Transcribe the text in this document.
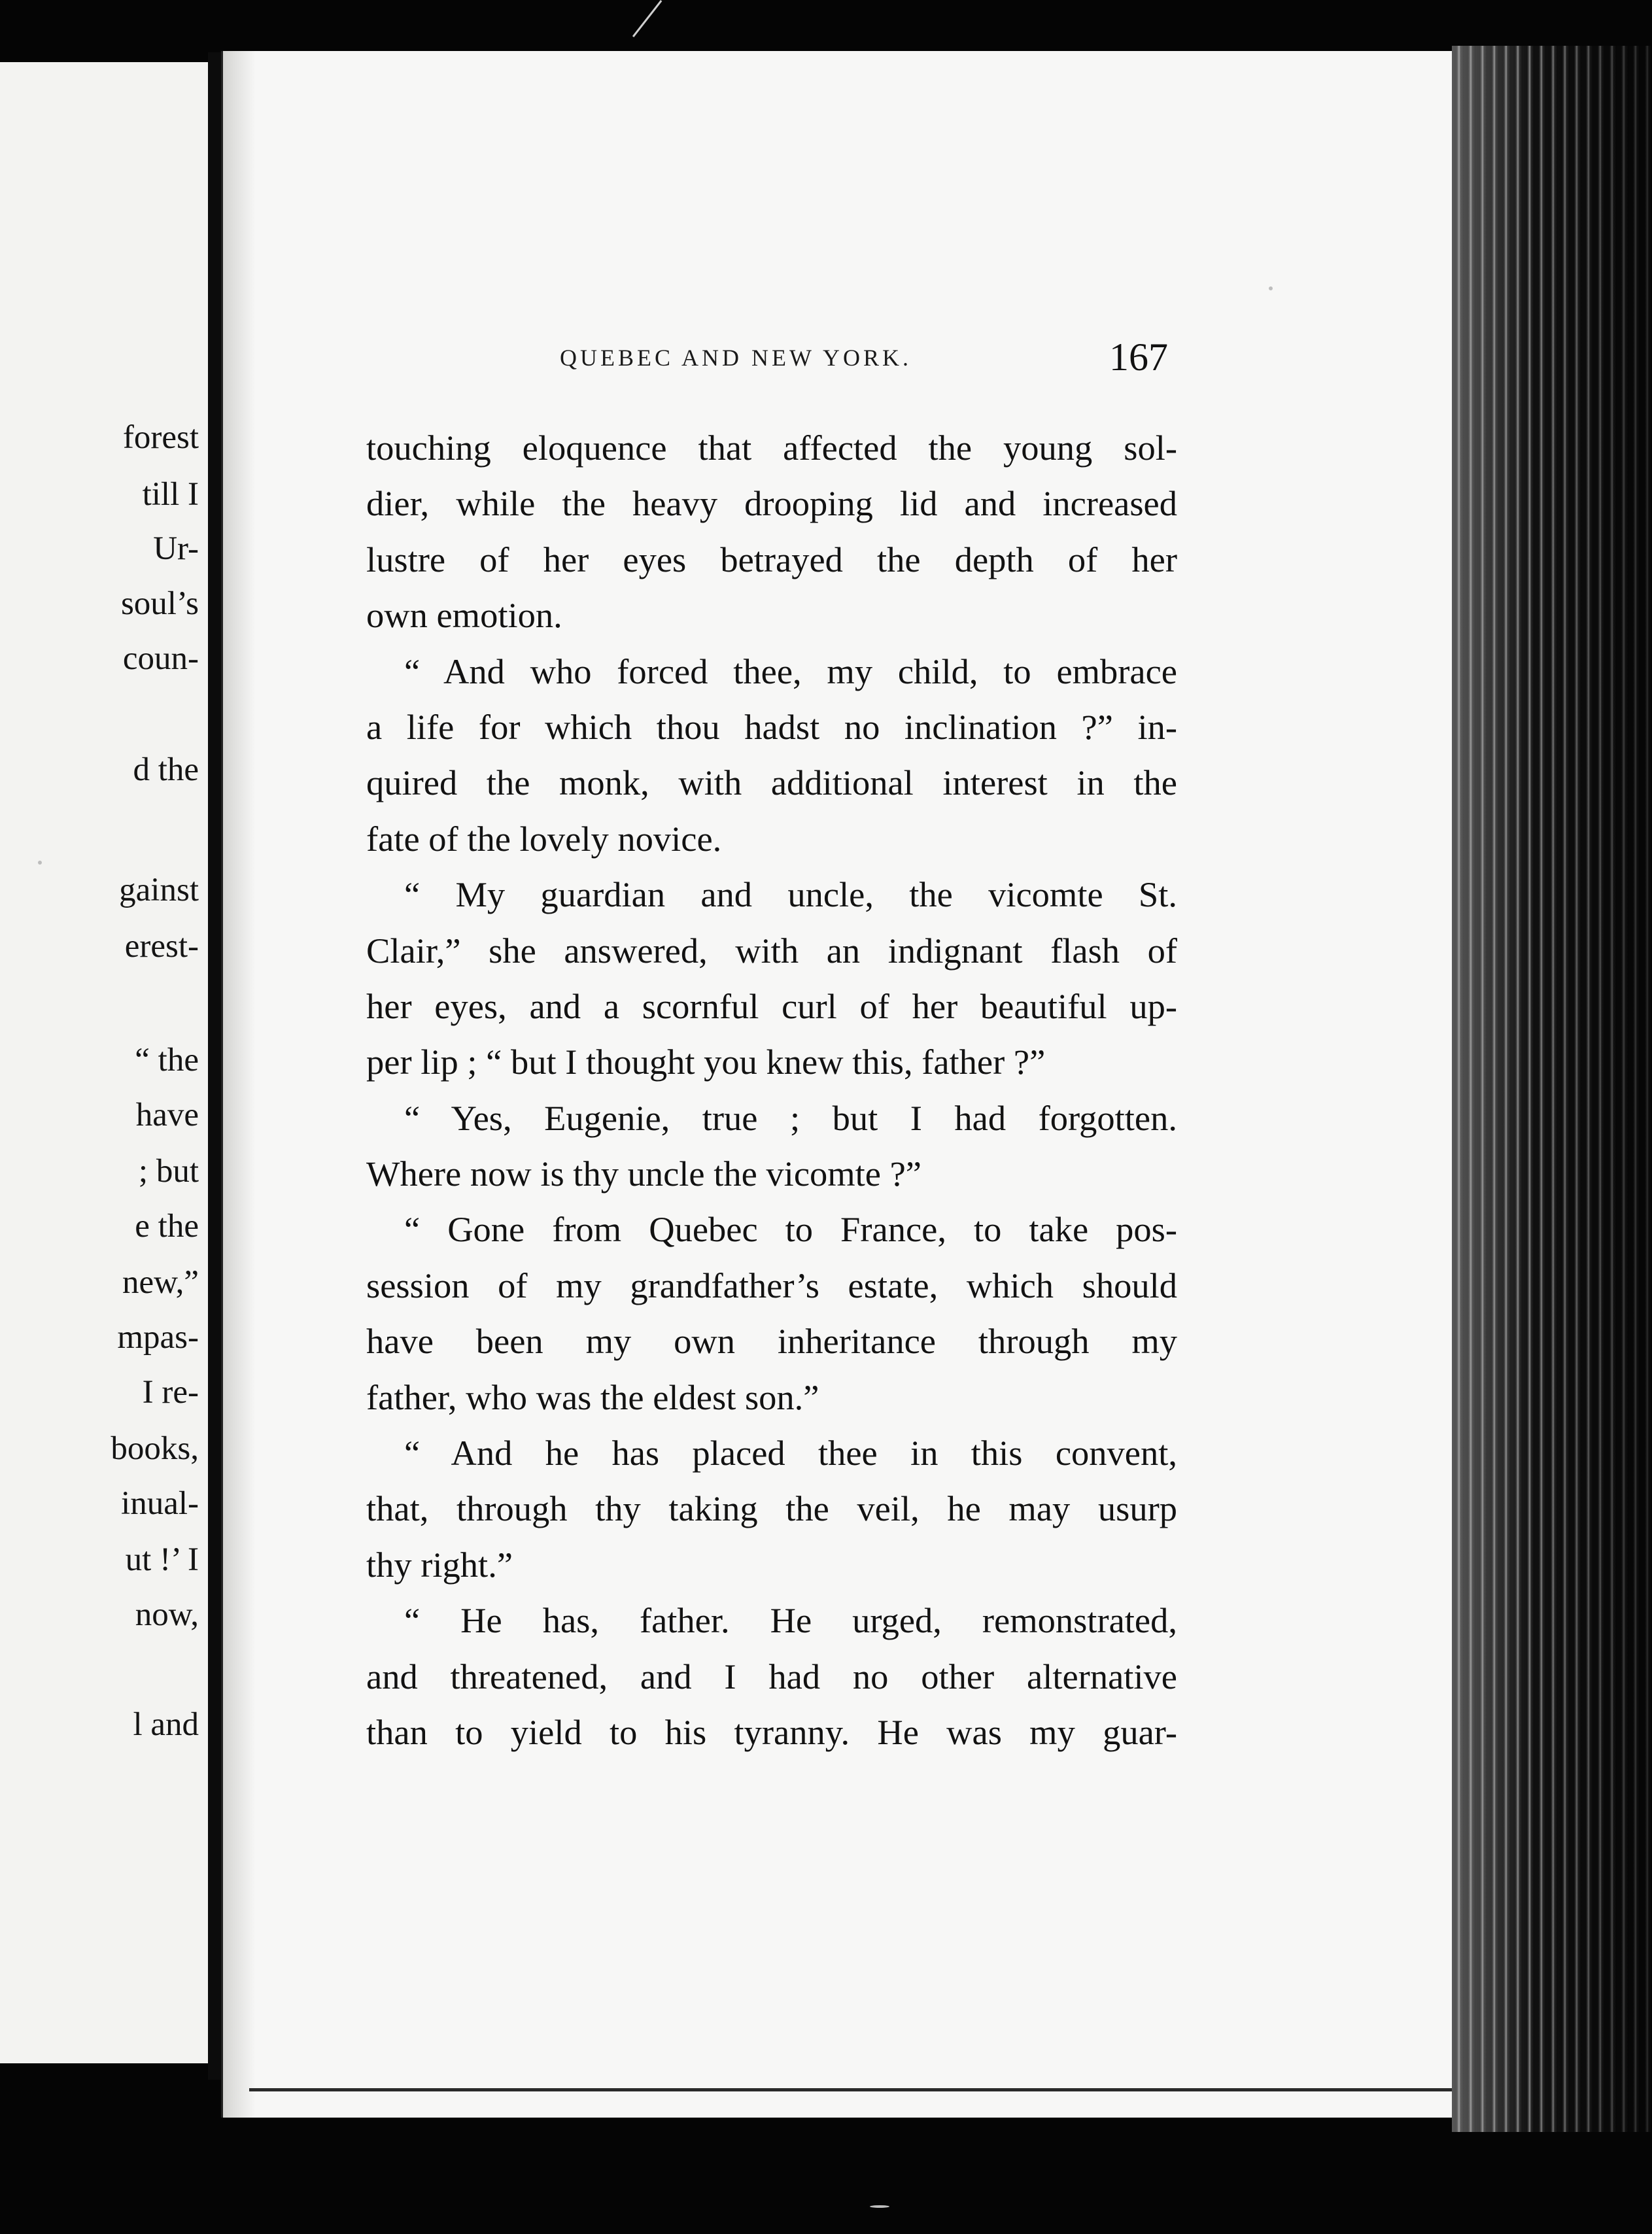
forest
till I
Ur-
soul’s
coun-
d the
gainst
erest-
“ the
have
; but
e the
new,”
mpas-
I re-
books,
inual-
ut !’ I
now,
l and
QUEBEC AND NEW YORK.	167
touching eloquence that affected the young sol-
dier, while the heavy drooping lid and increased
lustre of her eyes betrayed the depth of her
own emotion.
“ And who forced thee, my child, to embrace
a life for which thou hadst no inclination ?” in-
quired the monk, with additional interest in the
fate of the lovely novice.
“ My guardian and uncle, the vicomte St.
Clair,” she answered, with an indignant flash of
her eyes, and a scornful curl of her beautiful up-
per lip ; “ but I thought you knew this, father ?”
“ Yes, Eugenie, true ; but I had forgotten.
Where now is thy uncle the vicomte ?”
“ Gone from Quebec to France, to take pos-
session of my grandfather’s estate, which should
have been my own inheritance through my
father, who was the eldest son.”
“ And he has placed thee in this convent,
that, through thy taking the veil, he may usurp
thy right.”
“ He has, father. He urged, remonstrated,
and threatened, and I had no other alternative
than to yield to his tyranny. He was my guar-
